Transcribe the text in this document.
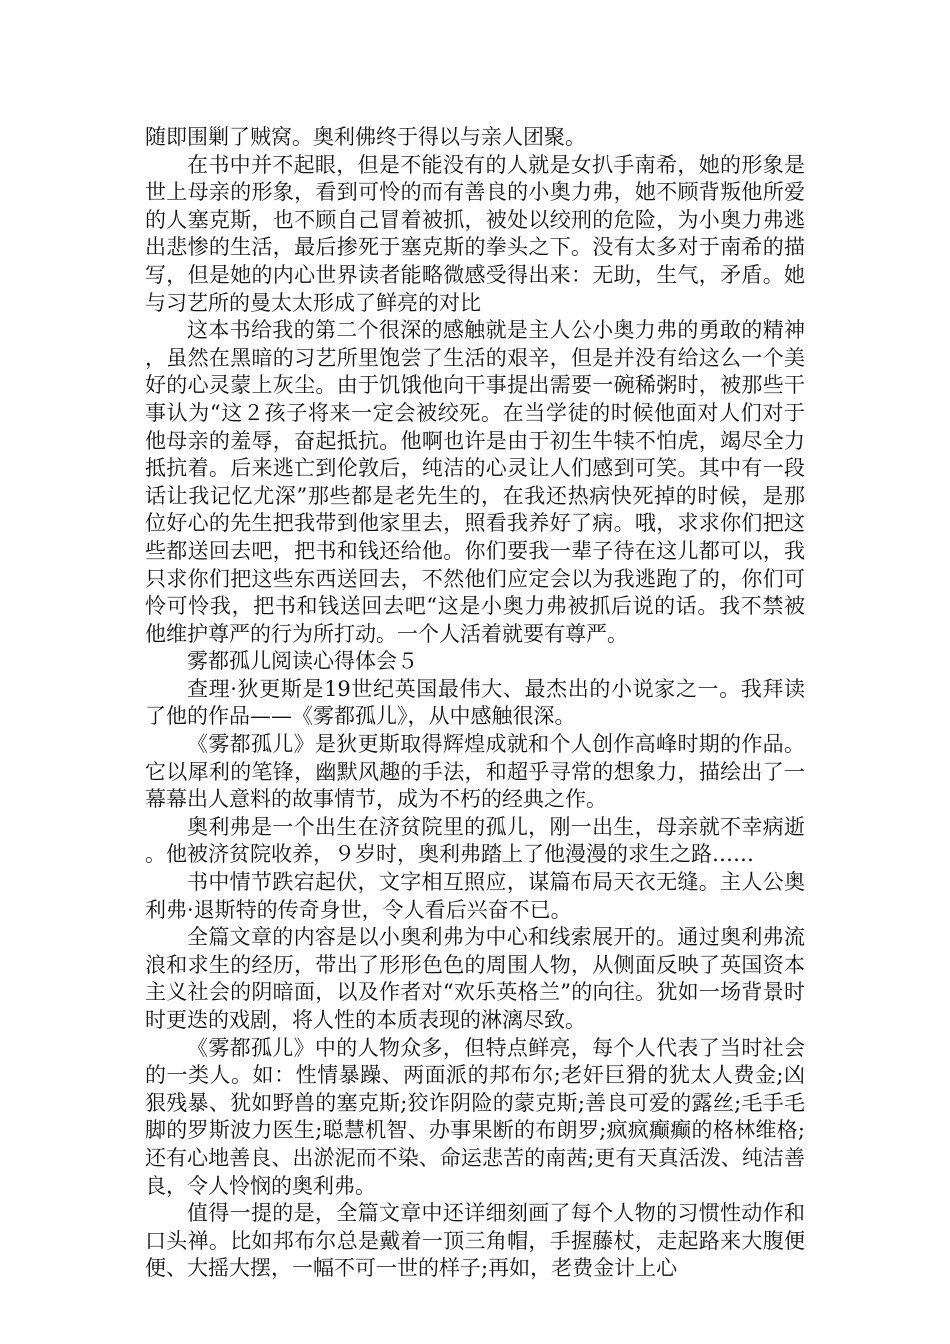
随即围剿了贼窝。奥利佛终于得以与亲人团聚。

在书中并不起眼，但是不能没有的人就是女扒手南希，她的形象是世上母亲的形象，看到可怜的而有善良的小奥力弗，她不顾背叛他所爱的人塞克斯，也不顾自己冒着被抓，被处以绞刑的危险，为小奥力弗逃出悲惨的生活，最后掺死于塞克斯的拳头之下。没有太多对于南希的描写，但是她的内心世界读者能略微感受得出来：无助，生气，矛盾。她与习艺所的曼太太形成了鲜亮的对比

这本书给我的第二个很深的感触就是主人公小奥力弗的勇敢的精神，虽然在黑暗的习艺所里饱尝了生活的艰辛，但是并没有给这么一个美好的心灵蒙上灰尘。由于饥饿他向干事提出需要一碗稀粥时，被那些干事认为“这２孩子将来一定会被绞死。在当学徒的时候他面对人们对于他母亲的羞辱，奋起抵抗。他啊也许是由于初生牛犊不怕虎，竭尽全力抵抗着。后来逃亡到伦敦后，纯洁的心灵让人们感到可笑。其中有一段话让我记忆尤深”那些都是老先生的，在我还热病快死掉的时候，是那位好心的先生把我带到他家里去，照看我养好了病。哦，求求你们把这些都送回去吧，把书和钱还给他。你们要我一辈子待在这儿都可以，我只求你们把这些东西送回去，不然他们应定会以为我逃跑了的，你们可怜可怜我，把书和钱送回去吧“这是小奥力弗被抓后说的话。我不禁被他维护尊严的行为所打动。一个人活着就要有尊严。

雾都孤儿阅读心得体会５

查理·狄更斯是19世纪英国最伟大、最杰出的小说家之一。我拜读了他的作品——《雾都孤儿》，从中感触很深。

《雾都孤儿》是狄更斯取得辉煌成就和个人创作高峰时期的作品。它以犀利的笔锋，幽默风趣的手法，和超乎寻常的想象力，描绘出了一幕幕出人意料的故事情节，成为不朽的经典之作。

奥利弗是一个出生在济贫院里的孤儿，刚一出生，母亲就不幸病逝。他被济贫院收养，９岁时，奥利弗踏上了他漫漫的求生之路……

书中情节跌宕起伏，文字相互照应，谋篇布局天衣无缝。主人公奥利弗·退斯特的传奇身世，令人看后兴奋不已。

全篇文章的内容是以小奥利弗为中心和线索展开的。通过奥利弗流浪和求生的经历，带出了形形色色的周围人物，从侧面反映了英国资本主义社会的阴暗面，以及作者对“欢乐英格兰”的向往。犹如一场背景时时更迭的戏剧，将人性的本质表现的淋漓尽致。

《雾都孤儿》中的人物众多，但特点鲜亮，每个人代表了当时社会的一类人。如：性情暴躁、两面派的邦布尔;老奸巨猾的犹太人费金;凶狠残暴、犹如野兽的塞克斯;狡诈阴险的蒙克斯;善良可爱的露丝;毛手毛脚的罗斯波力医生;聪慧机智、办事果断的布朗罗;疯疯癫癫的格林维格;还有心地善良、出淤泥而不染、命运悲苦的南茜;更有天真活泼、纯洁善良，令人怜悯的奥利弗。

值得一提的是，全篇文章中还详细刻画了每个人物的习惯性动作和口头禅。比如邦布尔总是戴着一顶三角帽，手握藤杖，走起路来大腹便便、大摇大摆，一幅不可一世的样子;再如，老费金计上心
